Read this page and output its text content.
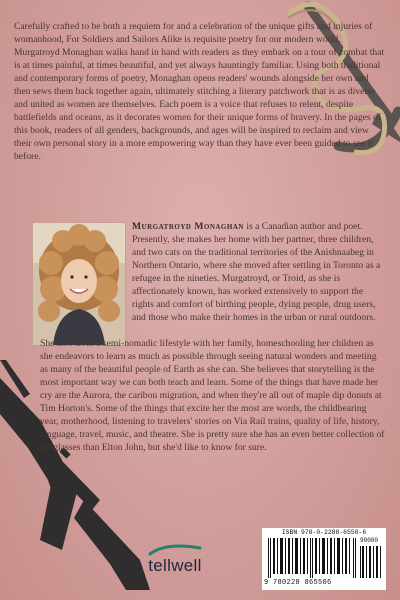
Carefully crafted to be both a requiem for and a celebration of the unique gifts and injuries of womanhood, For Soldiers and Sailors Alike is requisite poetry for our modern world. Murgatroyd Monaghan walks hand in hand with readers as they embark on a tour of combat that is at times painful, at times beautiful, and yet always hauntingly familiar. Using both traditional and contemporary forms of poetry, Monaghan opens readers' wounds alongside her own and then sews them back together again, ultimately stitching a literary patchwork that is as diverse and united as women are themselves. Each poem is a voice that refuses to relent, despite battlefields and oceans, as it decorates women for their unique forms of bravery. In the pages of this book, readers of all genders, backgrounds, and ages will be inspired to reclaim and view their own personal story in a more empowering way than they have ever been guided to see it before.

Murgatroyd Monaghan is a Canadian author and poet. Presently, she makes her home with her partner, three children, and two cats on the traditional territories of the Anishnaabeg in Northern Ontario, where she moved after settling in Toronto as a refugee in the nineties. Murgatroyd, or Troid, as she is affectionately known, has worked extensively to support the rights and comfort of birthing people, dying people, drug users, and those who make their homes in the urban or rural outdoors.

She now lives a semi-nomadic lifestyle with her family, homeschooling her children as she endeavors to learn as much as possible through seeing natural wonders and meeting as many of the beautiful people of Earth as she can. She believes that storytelling is the most important way we can both teach and learn. Some of the things that have made her cry are the Aurora, the caribou migration, and when they're all out of maple dip donuts at Tim Horton's. Some of the things that excite her the most are words, the childbearing year, motherhood, listening to travelers' stories on Via Rail trains, quality of life, history, language, travel, music, and theatre. She is pretty sure she has an even better collection of sunglasses than Elton John, but she'd like to know for sure.

tellwell
ISBN 978-0-2288-6550-6
90000
9 780228 865506
